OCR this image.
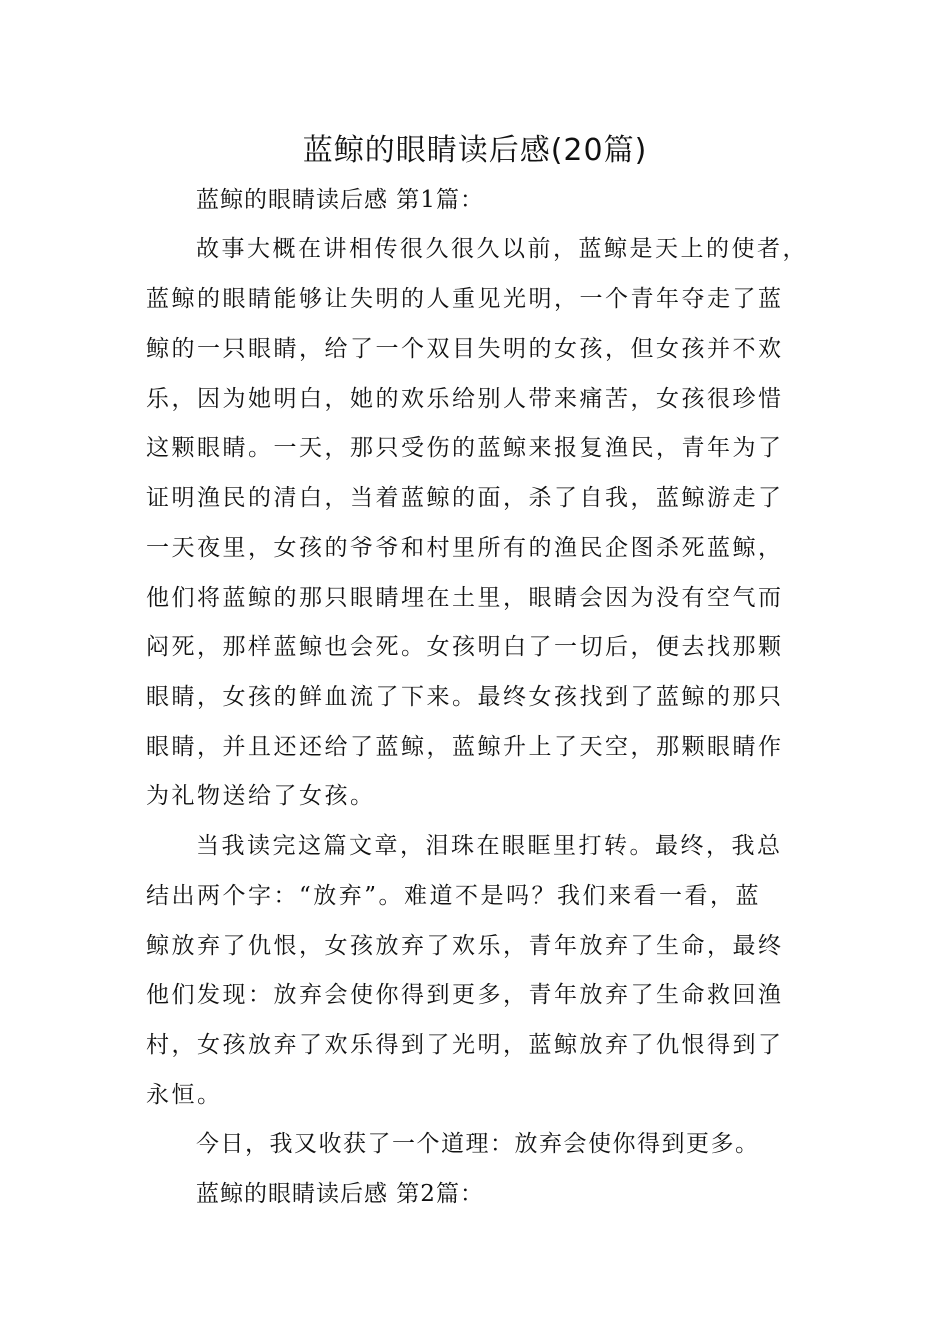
蓝鲸的眼睛读后感(20篇)
蓝鲸的眼睛读后感 第1篇：
故事大概在讲相传很久很久以前，蓝鲸是天上的使者，
蓝鲸的眼睛能够让失明的人重见光明，一个青年夺走了蓝
鲸的一只眼睛，给了一个双目失明的女孩，但女孩并不欢
乐，因为她明白，她的欢乐给别人带来痛苦，女孩很珍惜
这颗眼睛。一天，那只受伤的蓝鲸来报复渔民，青年为了
证明渔民的清白，当着蓝鲸的面，杀了自我，蓝鲸游走了
一天夜里，女孩的爷爷和村里所有的渔民企图杀死蓝鲸，
他们将蓝鲸的那只眼睛埋在土里，眼睛会因为没有空气而
闷死，那样蓝鲸也会死。女孩明白了一切后，便去找那颗
眼睛，女孩的鲜血流了下来。最终女孩找到了蓝鲸的那只
眼睛，并且还还给了蓝鲸，蓝鲸升上了天空，那颗眼睛作
为礼物送给了女孩。
当我读完这篇文章，泪珠在眼眶里打转。最终，我总
结出两个字：“放弃”。难道不是吗？我们来看一看，蓝
鲸放弃了仇恨，女孩放弃了欢乐，青年放弃了生命，最终
他们发现：放弃会使你得到更多，青年放弃了生命救回渔
村，女孩放弃了欢乐得到了光明，蓝鲸放弃了仇恨得到了
永恒。
今日，我又收获了一个道理：放弃会使你得到更多。
蓝鲸的眼睛读后感 第2篇：
